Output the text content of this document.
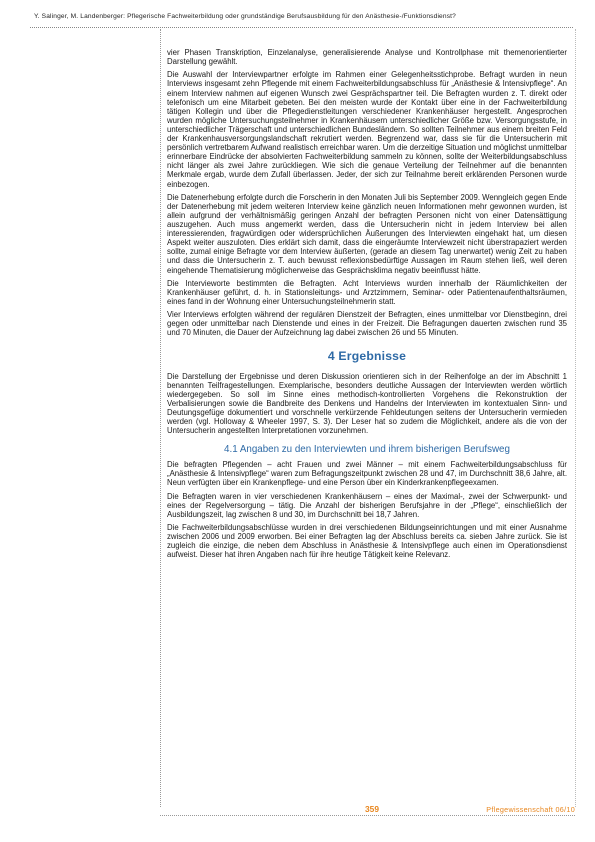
Y. Salinger, M. Landenberger: Pflegerische Fachweiterbildung oder grundständige Berufsausbildung für den Anästhesie-/Funktionsdienst?

vier Phasen Transkription, Einzelanalyse, generalisierende Analyse und Kontrollphase mit themenorientierter Darstellung gewählt.

Die Auswahl der Interviewpartner erfolgte im Rahmen einer Gelegenheitsstichprobe. Befragt wurden in neun Interviews insgesamt zehn Pflegende mit einem Fachweiterbildungsabschluss für „Anästhesie & Intensivpflege“. An einem Interview nahmen auf eigenen Wunsch zwei Gesprächspartner teil. Die Befragten wurden z. T. direkt oder telefonisch um eine Mitarbeit gebeten. Bei den meisten wurde der Kontakt über eine in der Fachweiterbildung tätigen Kollegin und über die Pflegedienstleitungen verschiedener Krankenhäuser hergestellt. Angesprochen wurden mögliche Untersuchungsteilnehmer in Krankenhäusern unterschiedlicher Größe bzw. Versorgungsstufe, in unterschiedlicher Trägerschaft und unterschiedlichen Bundesländern. So sollten Teilnehmer aus einem breiten Feld der Krankenhausversorgungslandschaft rekrutiert werden. Begrenzend war, dass sie für die Untersucherin mit persönlich vertretbarem Aufwand realistisch erreichbar waren. Um die derzeitige Situation und möglichst unmittelbar erinnerbare Eindrücke der absolvierten Fachweiterbildung sammeln zu können, sollte der Weiterbildungsabschluss nicht länger als zwei Jahre zurückliegen. Wie sich die genaue Verteilung der Teilnehmer auf die benannten Merkmale ergab, wurde dem Zufall überlassen. Jeder, der sich zur Teilnahme bereit erklärenden Personen wurde einbezogen.

Die Datenerhebung erfolgte durch die Forscherin in den Monaten Juli bis September 2009. Wenngleich gegen Ende der Datenerhebung mit jedem weiteren Interview keine gänzlich neuen Informationen mehr gewonnen wurden, ist allein aufgrund der verhältnismäßig geringen Anzahl der befragten Personen nicht von einer Datensättigung auszugehen. Auch muss angemerkt werden, dass die Untersucherin nicht in jedem Interview bei allen interessierenden, fragwürdigen oder widersprüchlichen Äußerungen des Interviewten eingehakt hat, um diesen Aspekt weiter auszuloten. Dies erklärt sich damit, dass die eingeräumte Interviewzeit nicht überstrapaziert werden sollte, zumal einige Befragte vor dem Interview äußerten, (gerade an diesem Tag unerwartet) wenig Zeit zu haben und dass die Untersucherin z. T. auch bewusst reflexionsbedürftige Aussagen im Raum stehen ließ, weil deren eingehende Thematisierung möglicherweise das Gesprächsklima negativ beeinflusst hätte.

Die Intervieworte bestimmten die Befragten. Acht Interviews wurden innerhalb der Räumlichkeiten der Krankenhäuser geführt, d. h. in Stationsleitungs- und Arztzimmern, Seminar- oder Patientenaufenthaltsräumen, eines fand in der Wohnung einer Untersuchungsteilnehmerin statt.

Vier Interviews erfolgten während der regulären Dienstzeit der Befragten, eines unmittelbar vor Dienstbeginn, drei gegen oder unmittelbar nach Dienstende und eines in der Freizeit. Die Befragungen dauerten zwischen rund 35 und 70 Minuten, die Dauer der Aufzeichnung lag dabei zwischen 26 und 55 Minuten.

4 Ergebnisse

Die Darstellung der Ergebnisse und deren Diskussion orientieren sich in der Reihenfolge an der im Abschnitt 1 benannten Teilfragestellungen. Exemplarische, besonders deutliche Aussagen der Interviewten werden wörtlich wiedergegeben. So soll im Sinne eines methodisch-kontrollierten Vorgehens die Rekonstruktion der Verbalisierungen sowie die Bandbreite des Denkens und Handelns der Interviewten im kontextualen Sinn- und Deutungsgefüge dokumentiert und vorschnelle verkürzende Fehldeutungen seitens der Untersucherin vermieden werden (vgl. Holloway & Wheeler 1997, S. 3). Der Leser hat so zudem die Möglichkeit, andere als die von der Untersucherin angestellten Interpretationen vorzunehmen.

4.1 Angaben zu den Interviewten und ihrem bisherigen Berufsweg

Die befragten Pflegenden – acht Frauen und zwei Männer – mit einem Fachweiterbildungsabschluss für „Anästhesie & Intensivpflege“ waren zum Befragungszeitpunkt zwischen 28 und 47, im Durchschnitt 38,6 Jahre, alt. Neun verfügten über ein Krankenpflege- und eine Person über ein Kinderkrankenpflegeexamen.

Die Befragten waren in vier verschiedenen Krankenhäusern – eines der Maximal-, zwei der Schwerpunkt- und eines der Regelversorgung – tätig. Die Anzahl der bisherigen Berufsjahre in der „Pflege“, einschließlich der Ausbildungszeit, lag zwischen 8 und 30, im Durchschnitt bei 18,7 Jahren.

Die Fachweiterbildungsabschlüsse wurden in drei verschiedenen Bildungseinrichtungen und mit einer Ausnahme zwischen 2006 und 2009 erworben. Bei einer Befragten lag der Abschluss bereits ca. sieben Jahre zurück. Sie ist zugleich die einzige, die neben dem Abschluss in Anästhesie & Intensivpflege auch einen im Operationsdienst aufweist. Dieser hat ihren Angaben nach für ihre heutige Tätigkeit keine Relevanz.

359	Pflegewissenschaft 06/10
